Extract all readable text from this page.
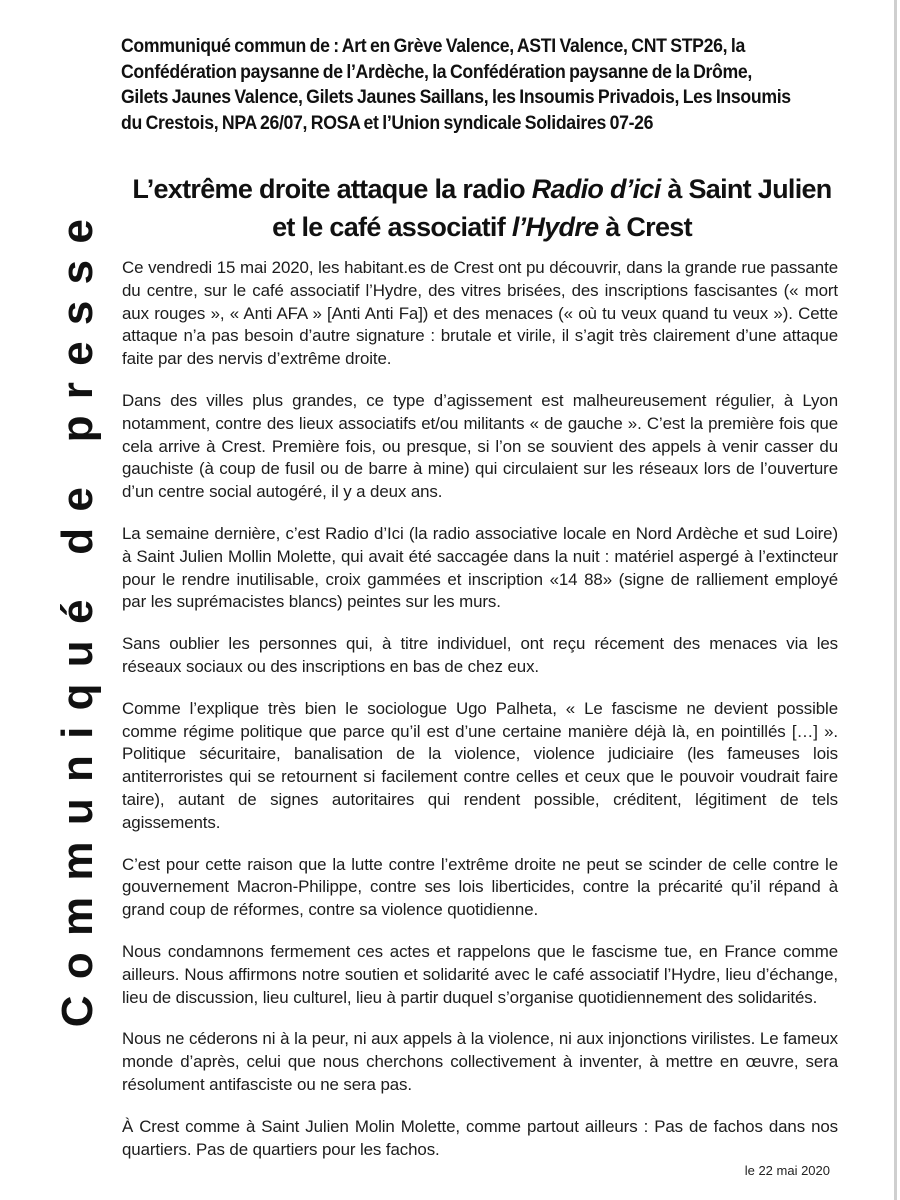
Communiqué de presse
Communiqué commun de : Art en Grève Valence, ASTI Valence, CNT STP26, la Confédération paysanne de l’Ardèche, la Confédération paysanne de la Drôme, Gilets Jaunes Valence, Gilets Jaunes Saillans, les Insoumis Privadois, Les Insoumis du Crestois, NPA 26/07, ROSA et l’Union syndicale Solidaires 07-26
L’extrême droite attaque la radio Radio d’ici à Saint Julien et le café associatif l’Hydre à Crest

Ce vendredi 15 mai 2020, les habitant.es de Crest ont pu découvrir, dans la grande rue passante du centre, sur le café associatif l’Hydre, des vitres brisées, des inscriptions fascisantes (« mort aux rouges », « Anti AFA » [Anti Anti Fa]) et des menaces (« où tu veux quand tu veux »). Cette attaque n’a pas besoin d’autre signature : brutale et virile, il s’agit très clairement d’une attaque faite par des nervis d’extrême droite.

Dans des villes plus grandes, ce type d’agissement est malheureusement régulier, à Lyon notamment, contre des lieux associatifs et/ou militants « de gauche ». C’est la première fois que cela arrive à Crest. Première fois, ou presque, si l’on se souvient des appels à venir casser du gauchiste (à coup de fusil ou de barre à mine) qui circulaient sur les réseaux lors de l’ouverture d’un centre social autogéré, il y a deux ans.

La semaine dernière, c’est Radio d’Ici (la radio associative locale en Nord Ardèche et sud Loire) à Saint Julien Mollin Molette, qui avait été saccagée dans la nuit : matériel aspergé à l’extincteur pour le rendre inutilisable, croix gammées et inscription «14 88» (signe de ralliement employé par les suprémacistes blancs) peintes sur les murs.

Sans oublier les personnes qui, à titre individuel, ont reçu récement des menaces via les réseaux sociaux ou des inscriptions en bas de chez eux.

Comme l’explique très bien le sociologue Ugo Palheta, « Le fascisme ne devient possible comme régime politique que parce qu’il est d’une certaine manière déjà là, en pointillés […] ». Politique sécuritaire, banalisation de la violence, violence judiciaire (les fameuses lois antiterroristes qui se retournent si facilement contre celles et ceux que le pouvoir voudrait faire taire), autant de signes autoritaires qui rendent possible, créditent, légitiment de tels agissements.

C’est pour cette raison que la lutte contre l’extrême droite ne peut se scinder de celle contre le gouvernement Macron-Philippe, contre ses lois liberticides, contre la précarité qu’il répand à grand coup de réformes, contre sa violence quotidienne.

Nous condamnons fermement ces actes et rappelons que le fascisme tue, en France comme ailleurs. Nous affirmons notre soutien et solidarité avec le café associatif l’Hydre, lieu d’échange, lieu de discussion, lieu culturel, lieu à partir duquel s’organise quotidiennement des solidarités.

Nous ne céderons ni à la peur, ni aux appels à la violence, ni aux injonctions virilistes. Le fameux monde d’après, celui que nous cherchons collectivement à inventer, à mettre en œuvre, sera résolument antifasciste ou ne sera pas.

À Crest comme à Saint Julien Molin Molette, comme partout ailleurs : Pas de fachos dans nos quartiers. Pas de quartiers pour les fachos.

le 22 mai 2020
